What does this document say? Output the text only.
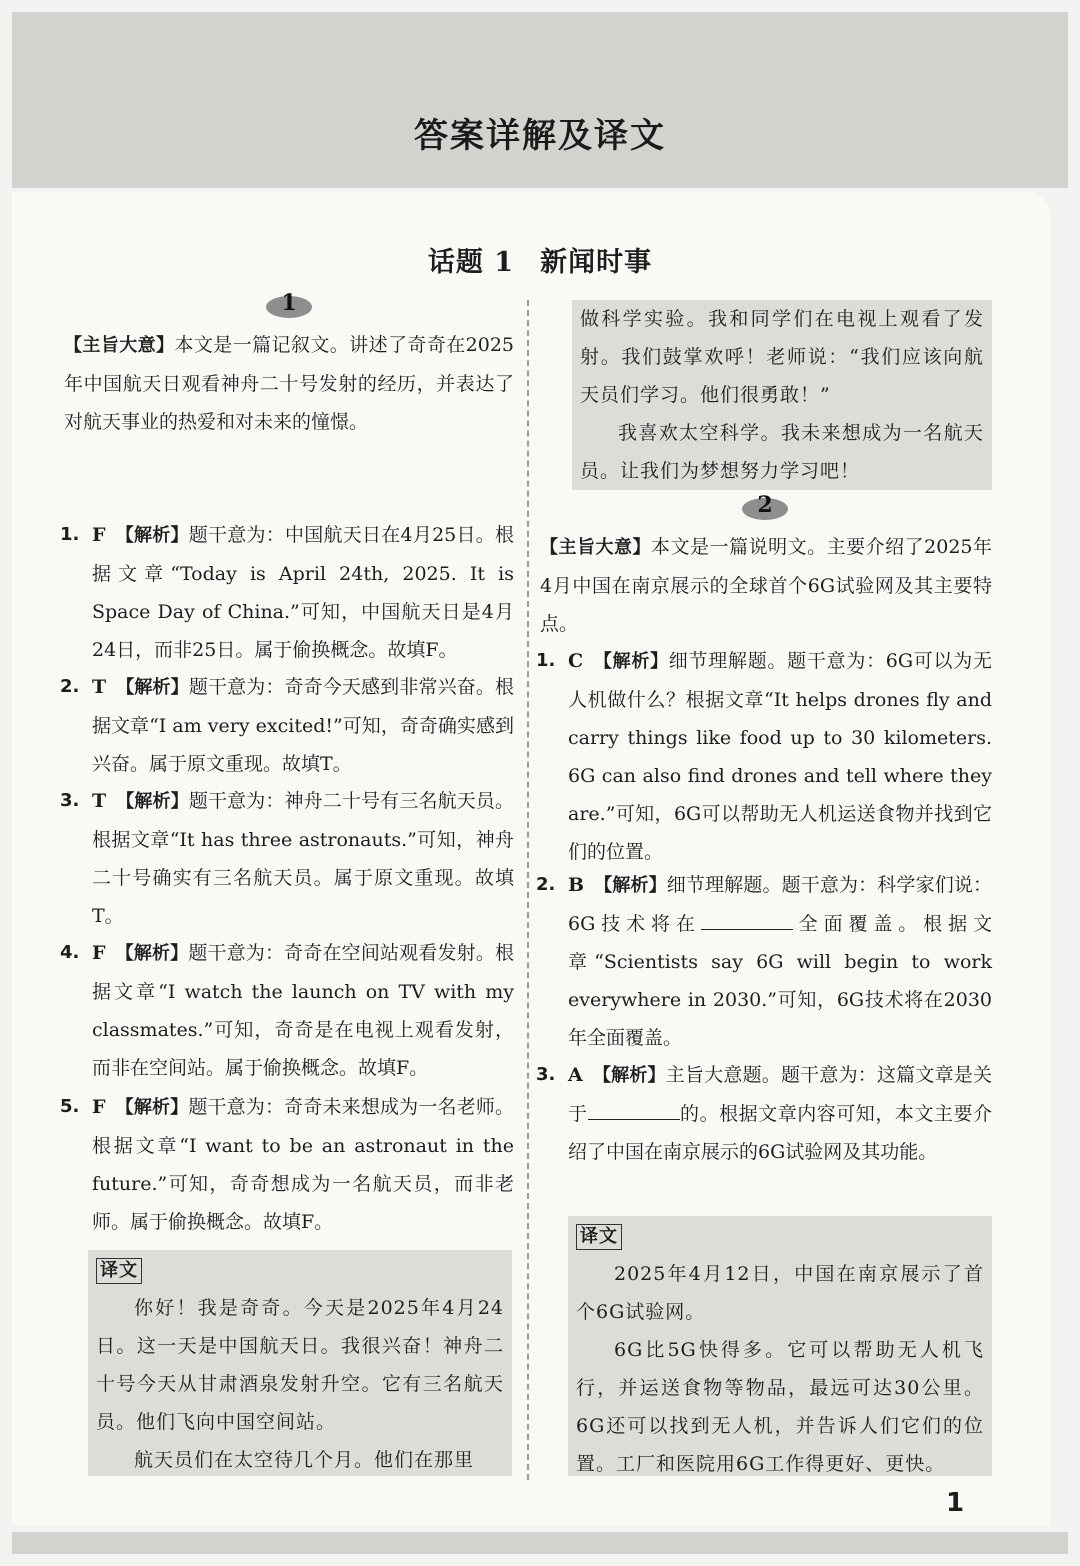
答案详解及译文
话题 1 新闻时事
1

【主旨大意】本文是一篇记叙文。讲述了奇奇在2025年中国航天日观看神舟二十号发射的经历，并表达了对航天事业的热爱和对未来的憧憬。

1. F 【解析】题干意为：中国航天日在4月25日。根据文章“Today is April 24th, 2025. It is Space Day of China.”可知，中国航天日是4月24日，而非25日。属于偷换概念。故填F。
2. T 【解析】题干意为：奇奇今天感到非常兴奋。根据文章“I am very excited!”可知，奇奇确实感到兴奋。属于原文重现。故填T。
3. T 【解析】题干意为：神舟二十号有三名航天员。根据文章“It has three astronauts.”可知，神舟二十号确实有三名航天员。属于原文重现。故填T。
4. F 【解析】题干意为：奇奇在空间站观看发射。根据文章“I watch the launch on TV with my classmates.”可知，奇奇是在电视上观看发射，而非在空间站。属于偷换概念。故填F。
5. F 【解析】题干意为：奇奇未来想成为一名老师。根据文章“I want to be an astronaut in the future.”可知，奇奇想成为一名航天员，而非老师。属于偷换概念。故填F。
译文

你好！我是奇奇。今天是2025年4月24日。这一天是中国航天日。我很兴奋！神舟二十号今天从甘肃酒泉发射升空。它有三名航天员。他们飞向中国空间站。

航天员们在太空待几个月。他们在那里

做科学实验。我和同学们在电视上观看了发射。我们鼓掌欢呼！老师说：“我们应该向航天员们学习。他们很勇敢！”

我喜欢太空科学。我未来想成为一名航天员。让我们为梦想努力学习吧！

2

【主旨大意】本文是一篇说明文。主要介绍了2025年4月中国在南京展示的全球首个6G试验网及其主要特点。

1. C 【解析】细节理解题。题干意为：6G可以为无人机做什么？根据文章“It helps drones fly and carry things like food up to 30 kilometers. 6G can also find drones and tell where they are.”可知，6G可以帮助无人机运送食物并找到它们的位置。
2. B 【解析】细节理解题。题干意为：科学家们说：6G技术将在	全面覆盖。根据文章“Scientists say 6G will begin to work everywhere in 2030.”可知，6G技术将在2030年全面覆盖。
3. A 【解析】主旨大意题。题干意为：这篇文章是关于	的。根据文章内容可知，本文主要介绍了中国在南京展示的6G试验网及其功能。
译文

2025年4月12日，中国在南京展示了首个6G试验网。

6G比5G快得多。它可以帮助无人机飞行，并运送食物等物品，最远可达30公里。6G还可以找到无人机，并告诉人们它们的位置。工厂和医院用6G工作得更好、更快。

1
